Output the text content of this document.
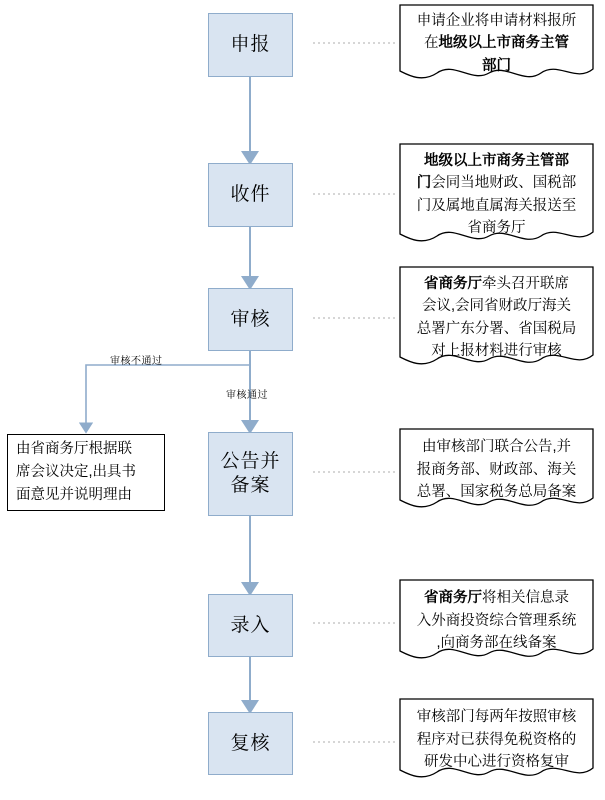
申报
收件
审核
公告并
备案
录入
复核
审核不通过
审核通过
申请企业将申请材料报所
在地级以上市商务主管
部门
地级以上市商务主管部
门会同当地财政、国税部
门及属地直属海关报送至
省商务厅
省商务厅牵头召开联席
会议,会同省财政厅海关
总署广东分署、省国税局
对上报材料进行审核
由审核部门联合公告,并
报商务部、财政部、海关
总署、国家税务总局备案
省商务厅将相关信息录
入外商投资综合管理系统
,向商务部在线备案
审核部门每两年按照审核
程序对已获得免税资格的
研发中心进行资格复审
由省商务厅根据联
席会议决定,出具书
面意见并说明理由
